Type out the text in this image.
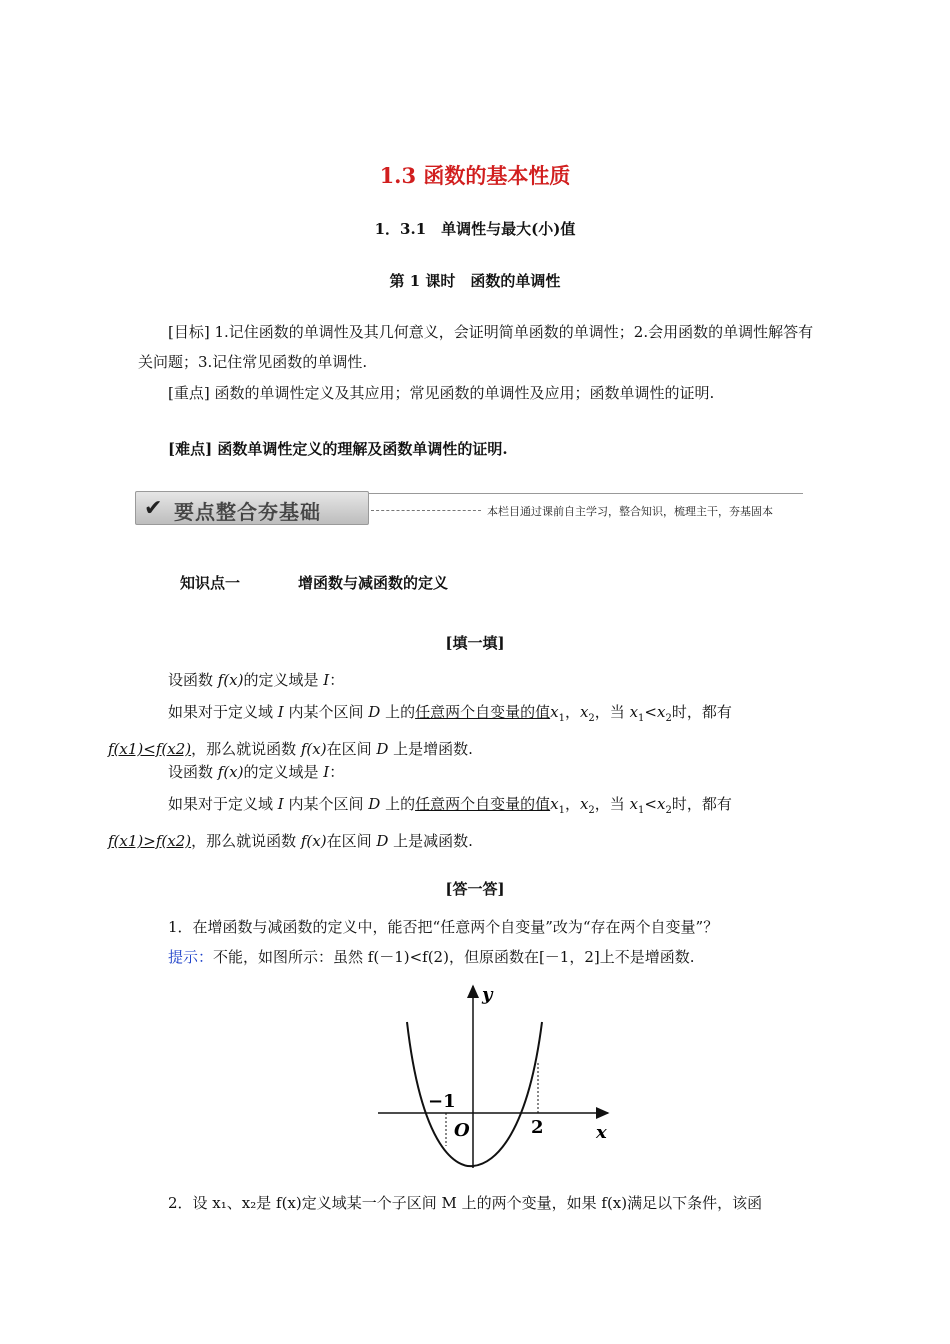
1.3 函数的基本性质
1．3.1　单调性与最大(小)值
第 1 课时　函数的单调性
[目标] 1.记住函数的单调性及其几何意义，会证明简单函数的单调性；2.会用函数的单调性解答有关问题；3.记住常见函数的单调性.
[重点] 函数的单调性定义及其应用；常见函数的单调性及应用；函数单调性的证明.
[难点] 函数单调性定义的理解及函数单调性的证明.
✔ 要点整合夯基础	本栏目通过课前自主学习，整合知识，梳理主干，夯基固本
知识点一	增函数与减函数的定义
[填一填]
设函数 f(x)的定义域是 I：
如果对于定义域 I 内某个区间 D 上的任意两个自变量的值$x_1$，$x_2$，当 $x_1<x_2$时，都有
f(x1)<f(x2)，那么就说函数 f(x)在区间 D 上是增函数.
设函数 f(x)的定义域是 I：
如果对于定义域 I 内某个区间 D 上的任意两个自变量的值$x_1$，$x_2$，当 $x_1<x_2$时，都有
f(x1)>f(x2)，那么就说函数 f(x)在区间 D 上是减函数.
[答一答]
1．在增函数与减函数的定义中，能否把“任意两个自变量”改为“存在两个自变量”？
提示：不能，如图所示：虽然 f(－1)<f(2)，但原函数在[－1，2]上不是增函数.
y
x
O
−1
2
2．设 x₁、x₂是 f(x)定义域某一个子区间 M 上的两个变量，如果 f(x)满足以下条件，该函
